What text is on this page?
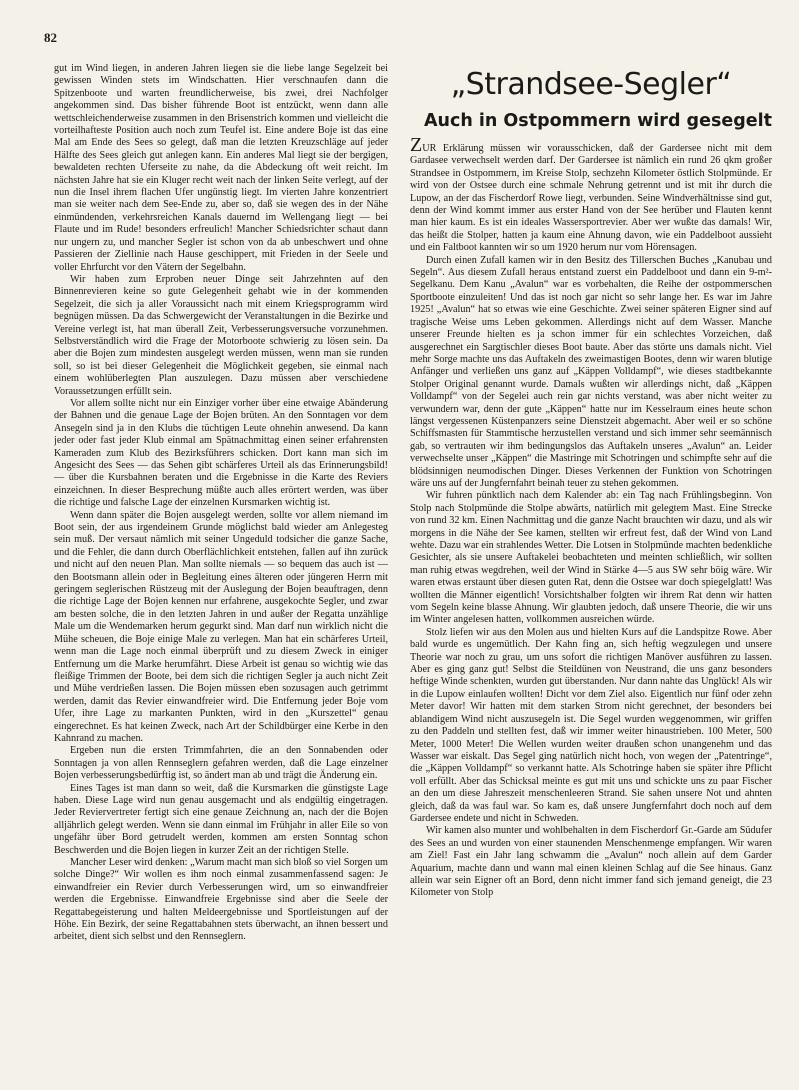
82

gut im Wind liegen, in anderen Jahren liegen sie die liebe lange Segelzeit bei gewissen Winden stets im Windschatten. Hier verschnaufen dann die Spitzenboote und warten freundlicherweise, bis zwei, drei Nachfolger angekommen sind. Das bisher führende Boot ist entzückt, wenn dann alle wettschleichenderweise zusammen in den Brisenstrich kommen und vielleicht die vorteilhafteste Position auch noch zum Teufel ist. Eine andere Boje ist das eine Mal am Ende des Sees so gelegt, daß man die letzten Kreuzschläge auf jeder Hälfte des Sees gleich gut anlegen kann. Ein anderes Mal liegt sie der bergigen, bewaldeten rechten Uferseite zu nahe, da die Abdeckung oft weit reicht. Im nächsten Jahre hat sie ein Kluger recht weit nach der linken Seite verlegt, auf der nun die Insel ihrem flachen Ufer ungünstig liegt. Im vierten Jahre konzentriert man sie weiter nach dem See-Ende zu, aber so, daß sie wegen des in der Nähe einmündenden, verkehrsreichen Kanals dauernd im Wellengang liegt — bei Flaute und im Rude! besonders erfreulich! Mancher Schiedsrichter schaut dann nur ungern zu, und mancher Segler ist schon von da ab unbeschwert und ohne Passieren der Ziellinie nach Hause geschippert, mit Frieden in der Seele und voller Ehrfurcht vor den Vätern der Segelbahn.

Wir haben zum Erproben neuer Dinge seit Jahrzehnten auf den Binnenrevieren keine so gute Gelegenheit gehabt wie in der kommenden Segelzeit, die sich ja aller Voraussicht nach mit einem Kriegsprogramm wird begnügen müssen. Da das Schwergewicht der Veranstaltungen in die Bezirke und Vereine verlegt ist, hat man überall Zeit, Verbesserungsversuche vorzunehmen. Selbstverständlich wird die Frage der Motorboote schwierig zu lösen sein. Da aber die Bojen zum mindesten ausgelegt werden müssen, wenn man sie runden soll, so ist bei dieser Gelegenheit die Möglichkeit gegeben, sie einmal nach einem wohlüberlegten Plan auszulegen. Dazu müssen aber verschiedene Voraussetzungen erfüllt sein.

Vor allem sollte nicht nur ein Einziger vorher über eine etwaige Abänderung der Bahnen und die genaue Lage der Bojen brüten. An den Sonntagen vor dem Ansegeln sind ja in den Klubs die tüchtigen Leute ohnehin anwesend. Da kann jeder oder fast jeder Klub einmal am Spätnachmittag einen seiner erfahrensten Kameraden zum Klub des Bezirksführers schicken. Dort kann man sich im Angesicht des Sees — das Sehen gibt schärferes Urteil als das Erinnerungsbild! — über die Kursbahnen beraten und die Ergebnisse in die Karte des Reviers einzeichnen. In dieser Besprechung müßte auch alles erörtert werden, was über die richtige und falsche Lage der einzelnen Kursmarken wichtig ist.

Wenn dann später die Bojen ausgelegt werden, sollte vor allem niemand im Boot sein, der aus irgendeinem Grunde möglichst bald wieder am Anlegesteg sein muß. Der versaut nämlich mit seiner Ungeduld todsicher die ganze Sache, und die Fehler, die dann durch Oberflächlichkeit entstehen, fallen auf ihn zurück und nicht auf den neuen Plan. Man sollte niemals — so bequem das auch ist — den Bootsmann allein oder in Begleitung eines älteren oder jüngeren Herrn mit geringem seglerischen Rüstzeug mit der Auslegung der Bojen beauftragen, denn die richtige Lage der Bojen kennen nur erfahrene, ausgekochte Segler, und zwar am besten solche, die in den letzten Jahren in und außer der Regatta unzählige Male um die Wendemarken herum gegurkt sind. Man darf nun wirklich nicht die Mühe scheuen, die Boje einige Male zu verlegen. Man hat ein schärferes Urteil, wenn man die Lage noch einmal überprüft und zu diesem Zweck in einiger Entfernung um die Marke herumfährt. Diese Arbeit ist genau so wichtig wie das fleißige Trimmen der Boote, bei dem sich die richtigen Segler ja auch nicht Zeit und Mühe verdrießen lassen. Die Bojen müssen eben sozusagen auch getrimmt werden, damit das Revier einwandfreier wird. Die Entfernung jeder Boje vom Ufer, ihre Lage zu markanten Punkten, wird in den „Kurszettel“ genau eingerechnet. Es hat keinen Zweck, nach Art der Schildbürger eine Kerbe in den Kahnrand zu machen.

Ergeben nun die ersten Trimmfahrten, die an den Sonnabenden oder Sonntagen ja von allen Rennseglern gefahren werden, daß die Lage einzelner Bojen verbesserungsbedürftig ist, so ändert man ab und trägt die Änderung ein.

Eines Tages ist man dann so weit, daß die Kursmarken die günstigste Lage haben. Diese Lage wird nun genau ausgemacht und als endgültig eingetragen. Jeder Reviervertreter fertigt sich eine genaue Zeichnung an, nach der die Bojen alljährlich gelegt werden. Wenn sie dann einmal im Frühjahr in aller Eile so von ungefähr über Bord getrudelt werden, kommen am ersten Sonntag schon Beschwerden und die Bojen liegen in kurzer Zeit an der richtigen Stelle.

Mancher Leser wird denken: „Warum macht man sich bloß so viel Sorgen um solche Dinge?“ Wir wollen es ihm noch einmal zusammenfassend sagen: Je einwandfreier ein Revier durch Verbesserungen wird, um so einwandfreier werden die Ergebnisse. Einwandfreie Ergebnisse sind aber die Seele der Regattabegeisterung und halten Meldeergebnisse und Sportleistungen auf der Höhe. Ein Bezirk, der seine Regattabahnen stets überwacht, an ihnen bessert und arbeitet, dient sich selbst und den Rennseglern.

„Strandsee-Segler“
Auch in Ostpommern wird gesegelt

ZUR Erklärung müssen wir vorausschicken, daß der Gardersee nicht mit dem Gardasee verwechselt werden darf. Der Gardersee ist nämlich ein rund 26 qkm großer Strandsee in Ostpommern, im Kreise Stolp, sechzehn Kilometer östlich Stolpmünde. Er wird von der Ostsee durch eine schmale Nehrung getrennt und ist mit ihr durch die Lupow, an der das Fischerdorf Rowe liegt, verbunden. Seine Windverhältnisse sind gut, denn der Wind kommt immer aus erster Hand von der See herüber und Flauten kennt man hier kaum. Es ist ein ideales Wassersportrevier. Aber wer wußte das damals! Wir, das heißt die Stolper, hatten ja kaum eine Ahnung davon, wie ein Paddelboot aussieht und ein Faltboot kannten wir so um 1920 herum nur vom Hörensagen.

Durch einen Zufall kamen wir in den Besitz des Tillerschen Buches „Kanubau und Segeln“. Aus diesem Zufall heraus entstand zuerst ein Paddelboot und dann ein 9-m²-Segelkanu. Dem Kanu „Avalun“ war es vorbehalten, die Reihe der ostpommerschen Sportboote einzuleiten! Und das ist noch gar nicht so sehr lange her. Es war im Jahre 1925! „Avalun“ hat so etwas wie eine Geschichte. Zwei seiner späteren Eigner sind auf tragische Weise ums Leben gekommen. Allerdings nicht auf dem Wasser. Manche unserer Freunde hielten es ja schon immer für ein schlechtes Vorzeichen, daß ausgerechnet ein Sargtischler dieses Boot baute. Aber das störte uns damals nicht. Viel mehr Sorge machte uns das Auftakeln des zweimastigen Bootes, denn wir waren blutige Anfänger und verließen uns ganz auf „Käppen Volldampf“, wie dieses stadtbekannte Stolper Original genannt wurde. Damals wußten wir allerdings nicht, daß „Käppen Volldampf“ von der Segelei auch rein gar nichts verstand, was aber nicht weiter zu verwundern war, denn der gute „Käppen“ hatte nur im Kesselraum eines heute schon längst vergessenen Küstenpanzers seine Dienstzeit abgemacht. Aber weil er so schöne Schiffsmasten für Stammtische herzustellen verstand und sich immer sehr seemännisch gab, so vertrauten wir ihm bedingungslos das Auftakeln unseres „Avalun“ an. Leider verwechselte unser „Käppen“ die Mastringe mit Schotringen und schimpfte sehr auf die blödsinnigen neumodischen Dinger. Dieses Verkennen der Funktion von Schotringen wäre uns auf der Jungfernfahrt beinah teuer zu stehen gekommen.

Wir fuhren pünktlich nach dem Kalender ab: ein Tag nach Frühlingsbeginn. Von Stolp nach Stolpmünde die Stolpe abwärts, natürlich mit gelegtem Mast. Eine Strecke von rund 32 km. Einen Nachmittag und die ganze Nacht brauchten wir dazu, und als wir morgens in die Nähe der See kamen, stellten wir erfreut fest, daß der Wind von Land wehte. Dazu war ein strahlendes Wetter. Die Lotsen in Stolpmünde machten bedenkliche Gesichter, als sie unsere Auftakelei beobachteten und meinten schließlich, wir sollten man ruhig etwas wegdrehen, weil der Wind in Stärke 4—5 aus SW sehr böig wäre. Wir waren etwas erstaunt über diesen guten Rat, denn die Ostsee war doch spiegelglatt! Was wollten die Männer eigentlich! Vorsichtshalber folgten wir ihrem Rat denn wir hatten vom Segeln keine blasse Ahnung. Wir glaubten jedoch, daß unsere Theorie, die wir uns im Winter angelesen hatten, vollkommen ausreichen würde.

Stolz liefen wir aus den Molen aus und hielten Kurs auf die Landspitze Rowe. Aber bald wurde es ungemütlich. Der Kahn fing an, sich heftig wegzulegen und unsere Theorie war noch zu grau, um uns sofort die richtigen Manöver ausführen zu lassen. Aber es ging ganz gut! Selbst die Steildünen von Neustrand, die uns ganz besonders heftige Winde schenkten, wurden gut überstanden. Nur dann nahte das Unglück! Als wir in die Lupow einlaufen wollten! Dicht vor dem Ziel also. Eigentlich nur fünf oder zehn Meter davor! Wir hatten mit dem starken Strom nicht gerechnet, der besonders bei ablandigem Wind nicht auszusegeln ist. Die Segel wurden weggenommen, wir griffen zu den Paddeln und stellten fest, daß wir immer weiter hinaustrieben. 100 Meter, 500 Meter, 1000 Meter! Die Wellen wurden weiter draußen schon unangenehm und das Wasser war eiskalt. Das Segel ging natürlich nicht hoch, von wegen der „Patentringe“, die „Käppen Volldampf“ so verkannt hatte. Als Schotringe haben sie später ihre Pflicht voll erfüllt. Aber das Schicksal meinte es gut mit uns und schickte uns zu paar Fischer an den um diese Jahreszeit menschenleeren Strand. Sie sahen unsere Not und ahnten gleich, daß da was faul war. So kam es, daß unsere Jungfernfahrt doch noch auf dem Gardersee endete und nicht in Schweden.

Wir kamen also munter und wohlbehalten in dem Fischerdorf Gr.-Garde am Südufer des Sees an und wurden von einer staunenden Menschenmenge empfangen. Wir waren am Ziel! Fast ein Jahr lang schwamm die „Avalun“ noch allein auf dem Garder Aquarium, machte dann und wann mal einen kleinen Schlag auf die See hinaus. Ganz allein war sein Eigner oft an Bord, denn nicht immer fand sich jemand geneigt, die 23 Kilometer von Stolp
